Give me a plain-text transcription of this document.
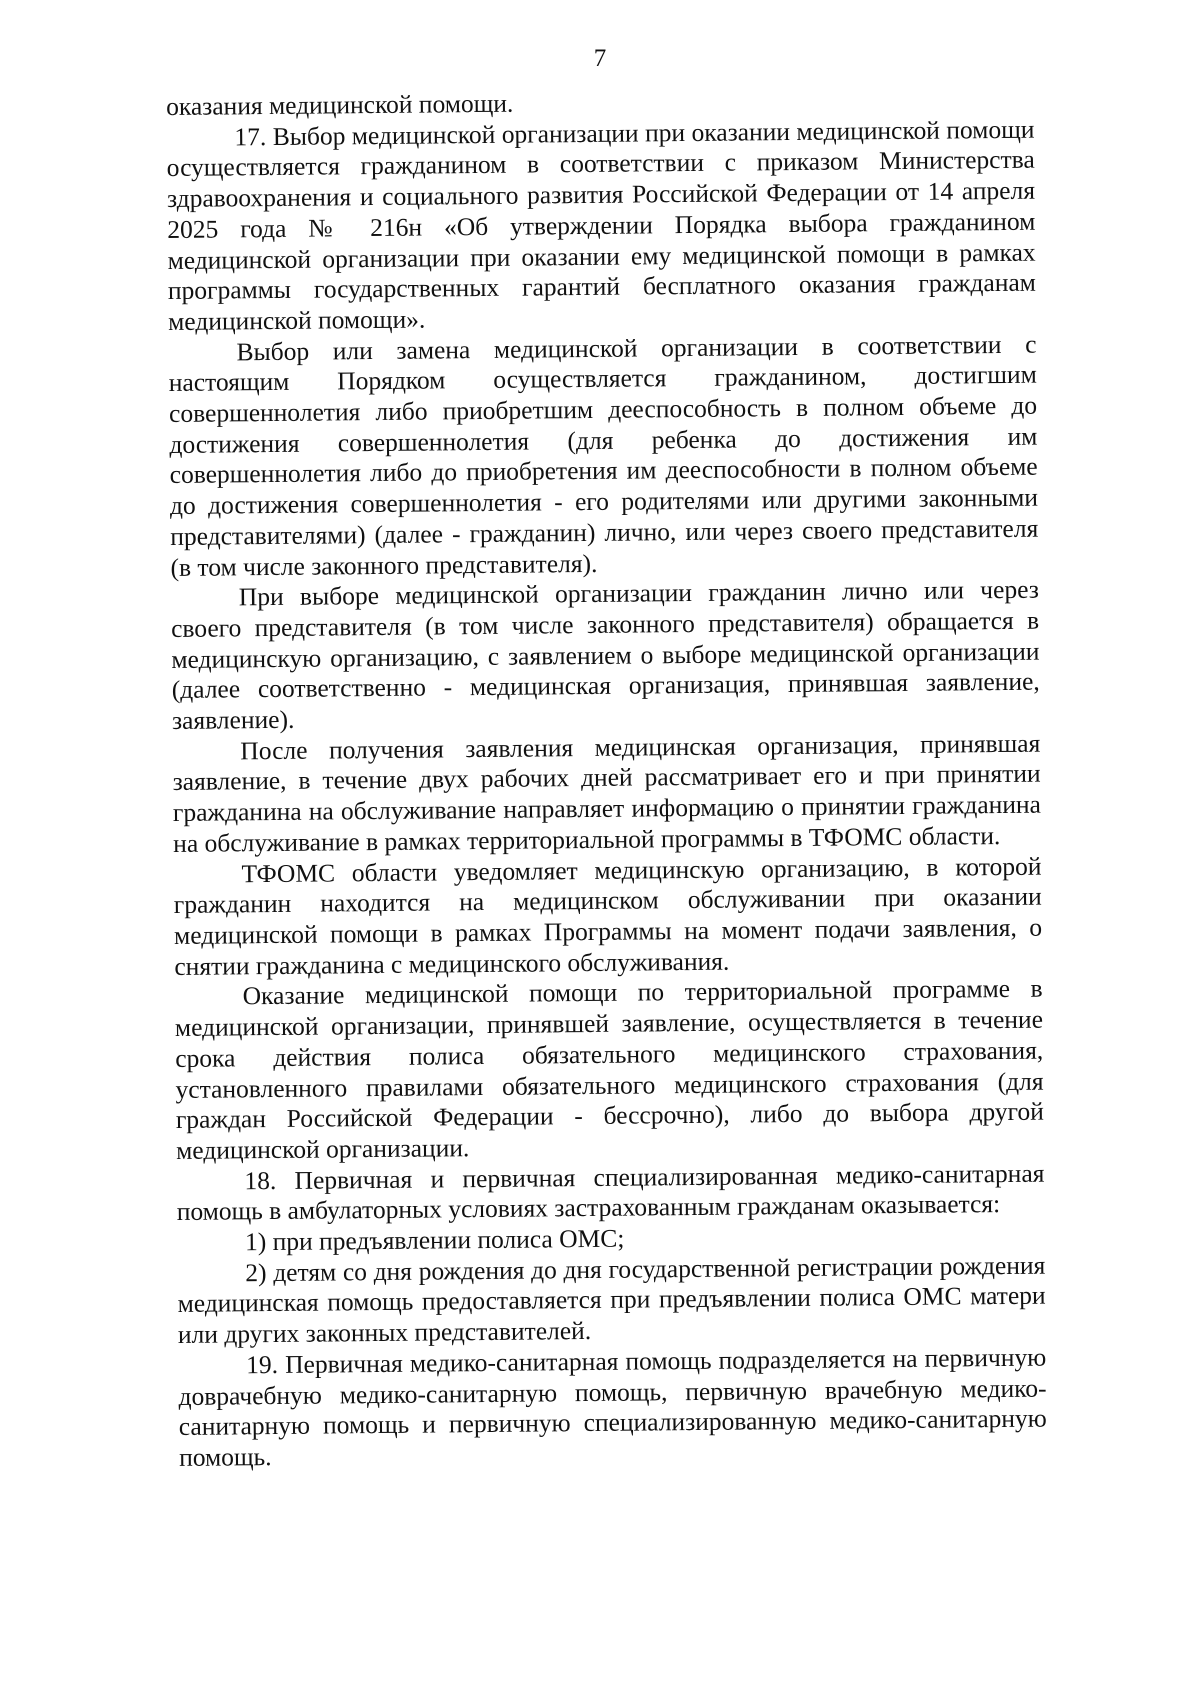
7

оказания медицинской помощи.

17. Выбор медицинской организации при оказании медицинской помощи осуществляется гражданином в соответствии с приказом Министерства здравоохранения и социального развития Российской Федерации от 14 апреля 2025 года № 216н «Об утверждении Порядка выбора гражданином медицинской организации при оказании ему медицинской помощи в рамках программы государственных гарантий бесплатного оказания гражданам медицинской помощи».

Выбор или замена медицинской организации в соответствии с настоящим Порядком осуществляется гражданином, достигшим совершеннолетия либо приобретшим дееспособность в полном объеме до достижения совершеннолетия (для ребенка до достижения им совершеннолетия либо до приобретения им дееспособности в полном объеме до достижения совершеннолетия - его родителями или другими законными представителями) (далее - гражданин) лично, или через своего представителя (в том числе законного представителя).

При выборе медицинской организации гражданин лично или через своего представителя (в том числе законного представителя) обращается в медицинскую организацию, с заявлением о выборе медицинской организации (далее соответственно - медицинская организация, принявшая заявление, заявление).

После получения заявления медицинская организация, принявшая заявление, в течение двух рабочих дней рассматривает его и при принятии гражданина на обслуживание направляет информацию о принятии гражданина на обслуживание в рамках территориальной программы в ТФОМС области.

ТФОМС области уведомляет медицинскую организацию, в которой гражданин находится на медицинском обслуживании при оказании медицинской помощи в рамках Программы на момент подачи заявления, о снятии гражданина с медицинского обслуживания.

Оказание медицинской помощи по территориальной программе в медицинской организации, принявшей заявление, осуществляется в течение срока действия полиса обязательного медицинского страхования, установленного правилами обязательного медицинского страхования (для граждан Российской Федерации - бессрочно), либо до выбора другой медицинской организации.

18. Первичная и первичная специализированная медико-санитарная помощь в амбулаторных условиях застрахованным гражданам оказывается:

1) при предъявлении полиса ОМС;

2) детям со дня рождения до дня государственной регистрации рождения медицинская помощь предоставляется при предъявлении полиса ОМС матери или других законных представителей.

19. Первичная медико-санитарная помощь подразделяется на первичную доврачебную медико-санитарную помощь, первичную врачебную медико-санитарную помощь и первичную специализированную медико-санитарную помощь.
